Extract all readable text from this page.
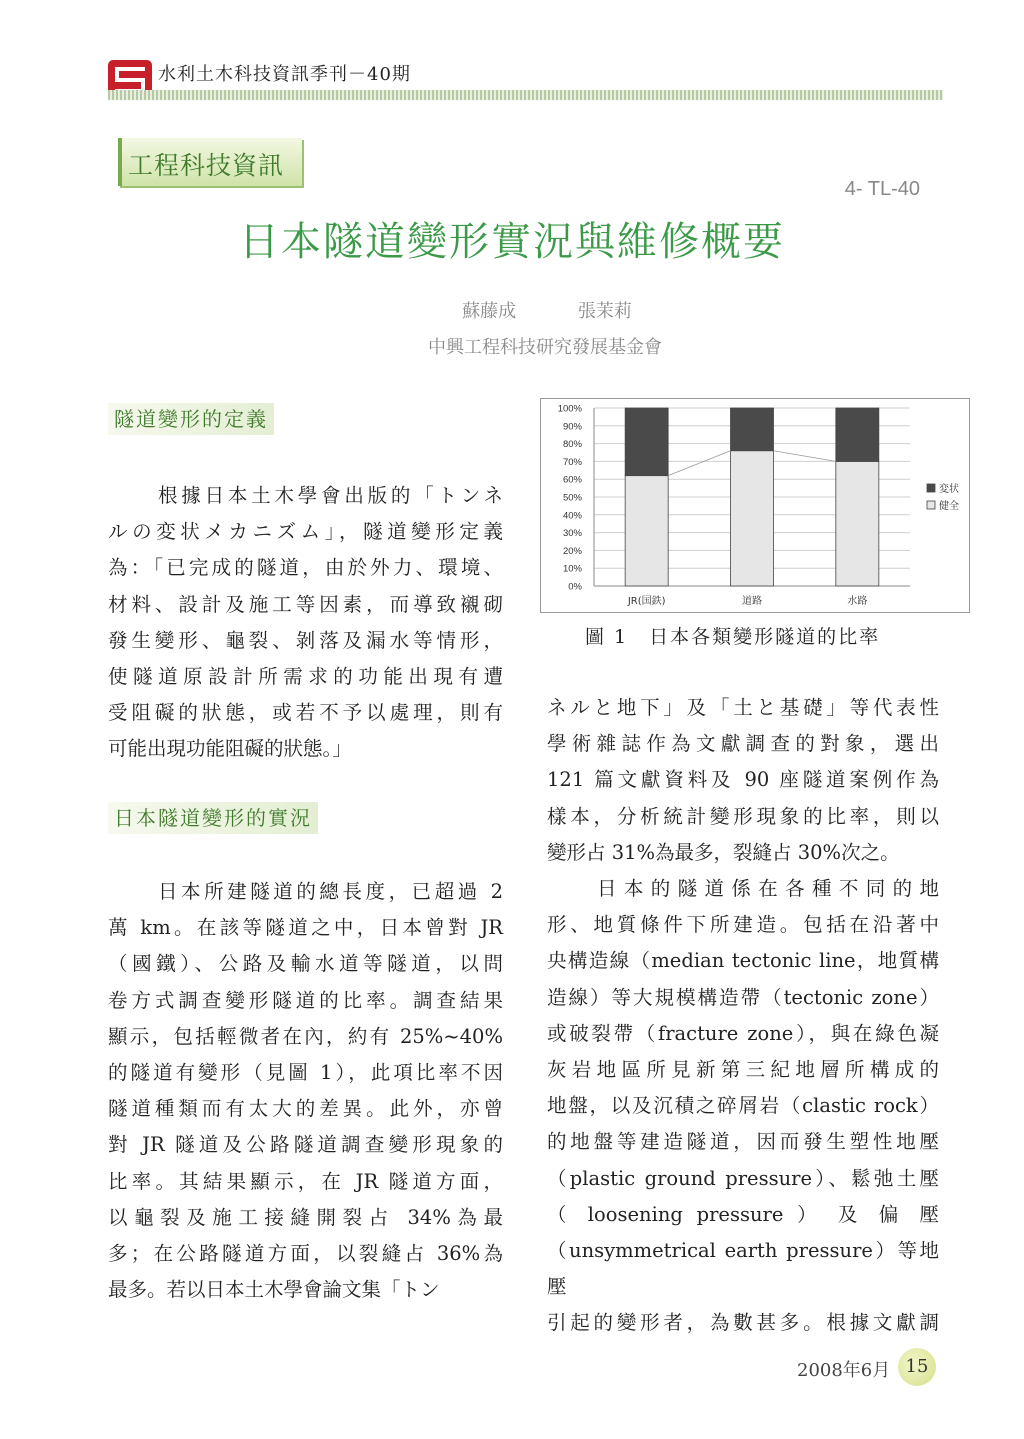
水利土木科技資訊季刊－40期
工程科技資訊
4- TL-40
日本隧道變形實況與維修概要
蘇藤成	張茉莉
中興工程科技研究發展基金會
隧道變形的定義
根據日本土木學會出版的「トンネ
ルの変状メカニズム」，隧道變形定義
為：「已完成的隧道，由於外力、環境、
材料、設計及施工等因素，而導致襯砌
發生變形、龜裂、剝落及漏水等情形，
使隧道原設計所需求的功能出現有遭
受阻礙的狀態，或若不予以處理，則有
可能出現功能阻礙的狀態。」
日本隧道變形的實況
日本所建隧道的總長度，已超過 2
萬 km。在該等隧道之中，日本曾對 JR
（國鐵）、公路及輸水道等隧道，以問
卷方式調查變形隧道的比率。調查結果
顯示，包括輕微者在內，約有 25%~40%
的隧道有變形（見圖 1），此項比率不因
隧道種類而有太大的差異。此外，亦曾
對 JR 隧道及公路隧道調查變形現象的
比率。其結果顯示，在 JR 隧道方面，
以龜裂及施工接縫開裂占 34%為最
多；在公路隧道方面，以裂縫占 36%為
最多。若以日本土木學會論文集「トン
0%
10%
20%
30%
40%
50%
60%
70%
80%
90%
100%
JR(国鉄)	道路	水路
変状
健全
圖 1　日本各類變形隧道的比率
ネルと地下」及「土と基礎」等代表性
學術雜誌作為文獻調查的對象，選出
121 篇文獻資料及 90 座隧道案例作為
樣本，分析統計變形現象的比率，則以
變形占 31%為最多，裂縫占 30%次之。
日本的隧道係在各種不同的地
形、地質條件下所建造。包括在沿著中
央構造線（median tectonic line，地質構
造線）等大規模構造帶（tectonic zone）
或破裂帶（fracture zone），與在綠色凝
灰岩地區所見新第三紀地層所構成的
地盤，以及沉積之碎屑岩（clastic rock）
的地盤等建造隧道，因而發生塑性地壓
（plastic ground pressure）、鬆弛土壓
（ loosening pressure ） 及 偏 壓
（unsymmetrical earth pressure）等地壓
引起的變形者，為數甚多。根據文獻調
2008年6月 15
